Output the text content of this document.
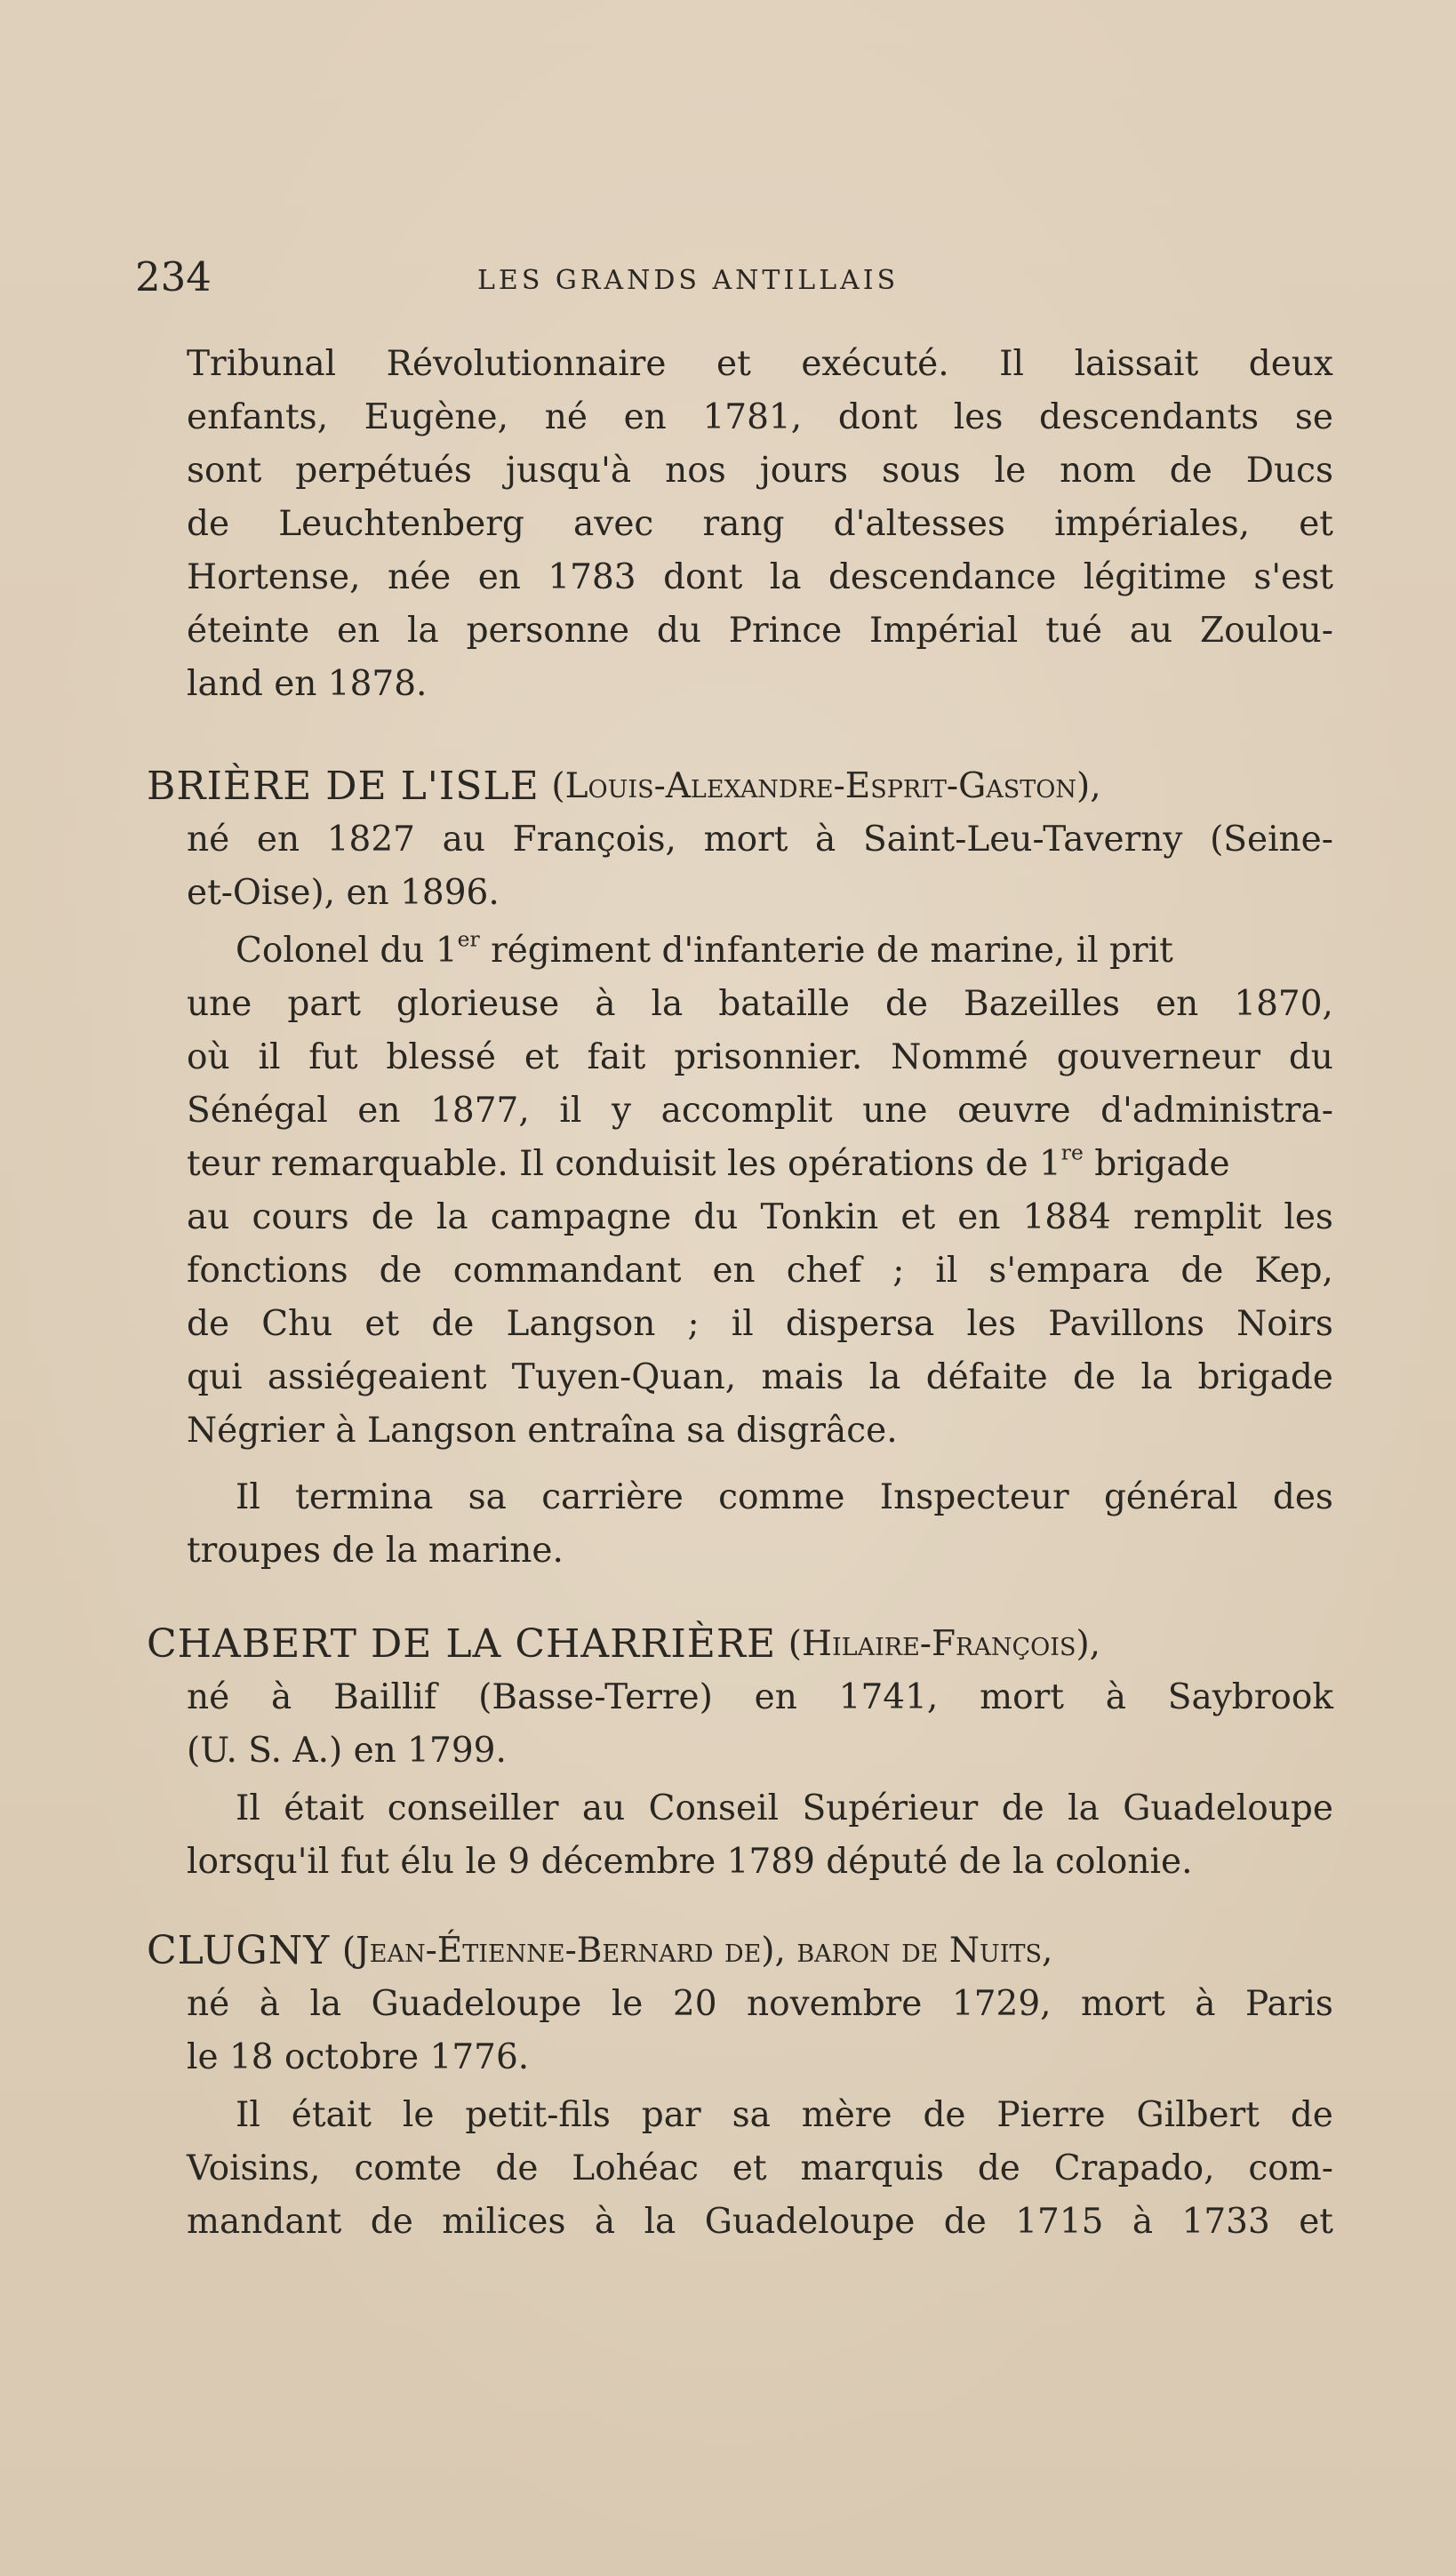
234	LES GRANDS ANTILLAIS
Tribunal Révolutionnaire et exécuté. Il laissait deux
enfants, Eugène, né en 1781, dont les descendants se
sont perpétués jusqu'à nos jours sous le nom de Ducs
de Leuchtenberg avec rang d'altesses impériales, et
Hortense, née en 1783 dont la descendance légitime s'est
éteinte en la personne du Prince Impérial tué au Zoulou-
land en 1878.
BRIÈRE DE L'ISLE (Louis-Alexandre-Esprit-Gaston),
né en 1827 au François, mort à Saint-Leu-Taverny (Seine-
et-Oise), en 1896.
Colonel du 1er régiment d'infanterie de marine, il prit
une part glorieuse à la bataille de Bazeilles en 1870,
où il fut blessé et fait prisonnier. Nommé gouverneur du
Sénégal en 1877, il y accomplit une œuvre d'administra-
teur remarquable. Il conduisit les opérations de 1re brigade
au cours de la campagne du Tonkin et en 1884 remplit les
fonctions de commandant en chef ; il s'empara de Kep,
de Chu et de Langson ; il dispersa les Pavillons Noirs
qui assiégeaient Tuyen-Quan, mais la défaite de la brigade
Négrier à Langson entraîna sa disgrâce.
Il termina sa carrière comme Inspecteur général des
troupes de la marine.
CHABERT DE LA CHARRIÈRE (Hilaire-François),
né à Baillif (Basse-Terre) en 1741, mort à Saybrook
(U. S. A.) en 1799.
Il était conseiller au Conseil Supérieur de la Guadeloupe
lorsqu'il fut élu le 9 décembre 1789 député de la colonie.
CLUGNY (Jean-Étienne-Bernard de), baron de Nuits,
né à la Guadeloupe le 20 novembre 1729, mort à Paris
le 18 octobre 1776.
Il était le petit-fils par sa mère de Pierre Gilbert de
Voisins, comte de Lohéac et marquis de Crapado, com-
mandant de milices à la Guadeloupe de 1715 à 1733 et
